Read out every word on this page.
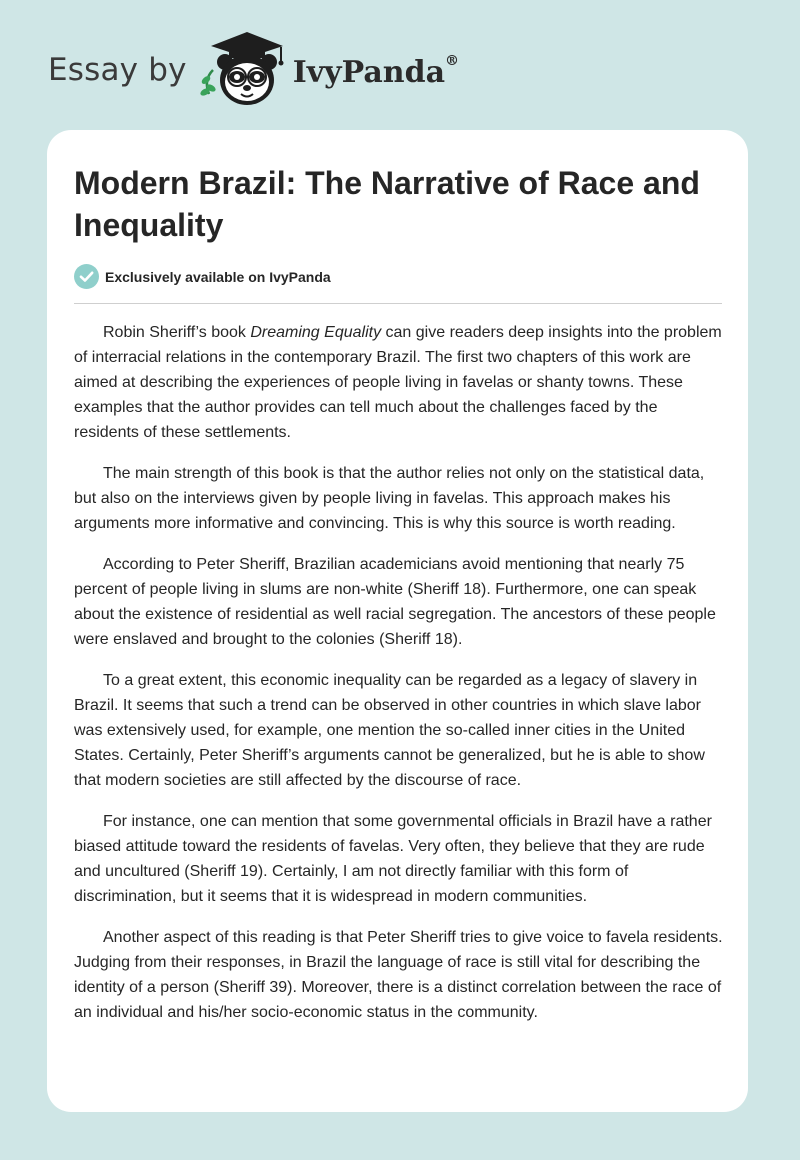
Essay by	IvyPanda®
Modern Brazil: The Narrative of Race and Inequality
Exclusively available on IvyPanda

Robin Sheriff’s book Dreaming Equality can give readers deep insights into the problem of interracial relations in the contemporary Brazil. The first two chapters of this work are aimed at describing the experiences of people living in favelas or shanty towns. These examples that the author provides can tell much about the challenges faced by the residents of these settlements.

The main strength of this book is that the author relies not only on the statistical data, but also on the interviews given by people living in favelas. This approach makes his arguments more informative and convincing. This is why this source is worth reading.

According to Peter Sheriff, Brazilian academicians avoid mentioning that nearly 75 percent of people living in slums are non-white (Sheriff 18). Furthermore, one can speak about the existence of residential as well racial segregation. The ancestors of these people were enslaved and brought to the colonies (Sheriff 18).

To a great extent, this economic inequality can be regarded as a legacy of slavery in Brazil. It seems that such a trend can be observed in other countries in which slave labor was extensively used, for example, one mention the so-called inner cities in the United States. Certainly, Peter Sheriff’s arguments cannot be generalized, but he is able to show that modern societies are still affected by the discourse of race.

For instance, one can mention that some governmental officials in Brazil have a rather biased attitude toward the residents of favelas. Very often, they believe that they are rude and uncultured (Sheriff 19). Certainly, I am not directly familiar with this form of discrimination, but it seems that it is widespread in modern communities.

Another aspect of this reading is that Peter Sheriff tries to give voice to favela residents. Judging from their responses, in Brazil the language of race is still vital for describing the identity of a person (Sheriff 39). Moreover, there is a distinct correlation between the race of an individual and his/her socio-economic status in the community.
